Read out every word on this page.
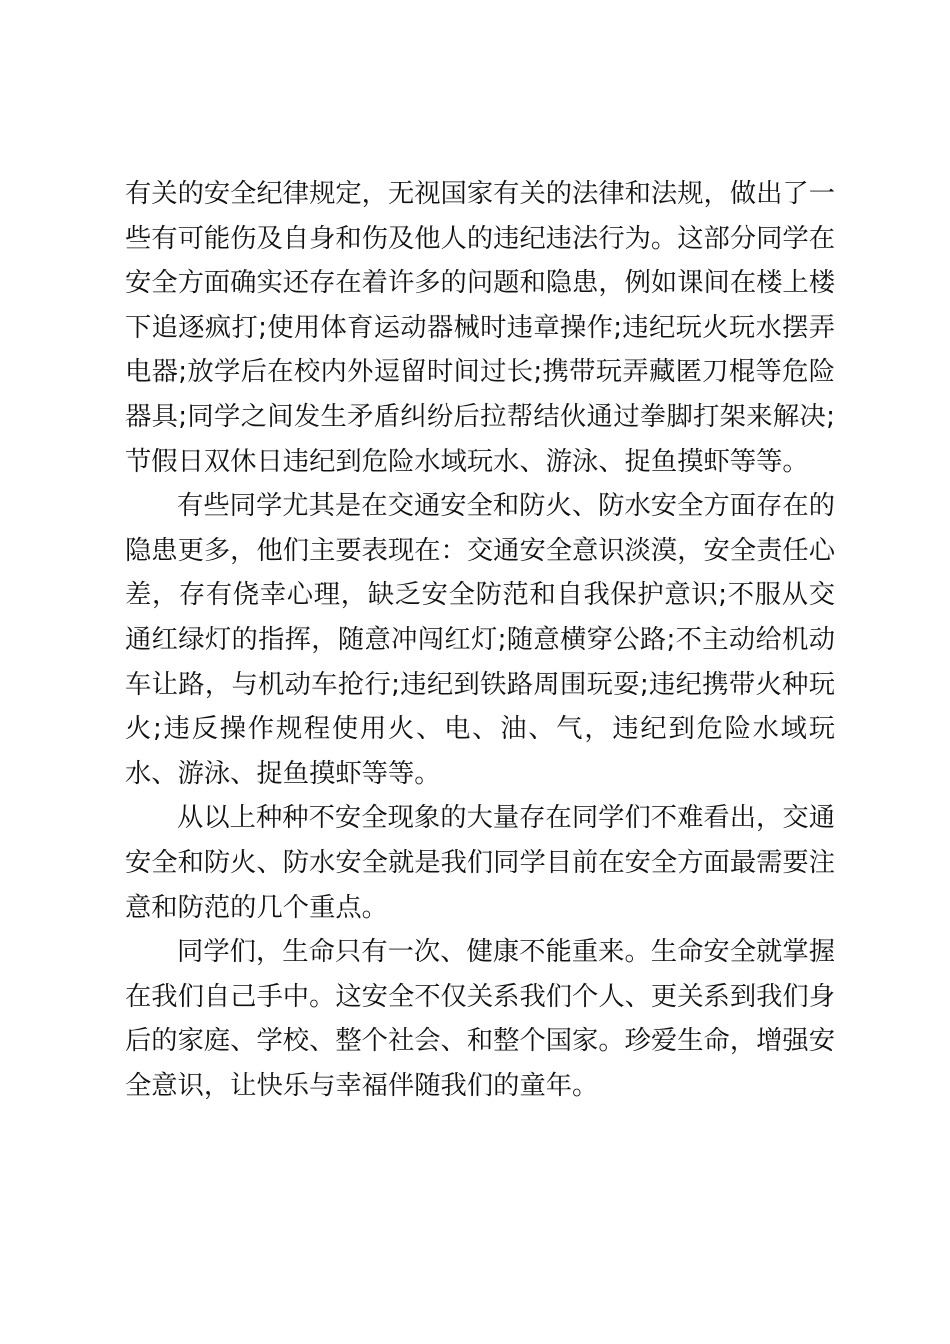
有关的安全纪律规定，无视国家有关的法律和法规，做出了一些有可能伤及自身和伤及他人的违纪违法行为。这部分同学在安全方面确实还存在着许多的问题和隐患，例如课间在楼上楼下追逐疯打;使用体育运动器械时违章操作;违纪玩火玩水摆弄电器;放学后在校内外逗留时间过长;携带玩弄藏匿刀棍等危险器具;同学之间发生矛盾纠纷后拉帮结伙通过拳脚打架来解决;节假日双休日违纪到危险水域玩水、游泳、捉鱼摸虾等等。

有些同学尤其是在交通安全和防火、防水安全方面存在的隐患更多，他们主要表现在：交通安全意识淡漠，安全责任心差，存有侥幸心理，缺乏安全防范和自我保护意识;不服从交通红绿灯的指挥，随意冲闯红灯;随意横穿公路;不主动给机动车让路，与机动车抢行;违纪到铁路周围玩耍;违纪携带火种玩火;违反操作规程使用火、电、油、气，违纪到危险水域玩水、游泳、捉鱼摸虾等等。

从以上种种不安全现象的大量存在同学们不难看出，交通安全和防火、防水安全就是我们同学目前在安全方面最需要注意和防范的几个重点。

同学们，生命只有一次、健康不能重来。生命安全就掌握在我们自己手中。这安全不仅关系我们个人、更关系到我们身后的家庭、学校、整个社会、和整个国家。珍爱生命，增强安全意识，让快乐与幸福伴随我们的童年。
